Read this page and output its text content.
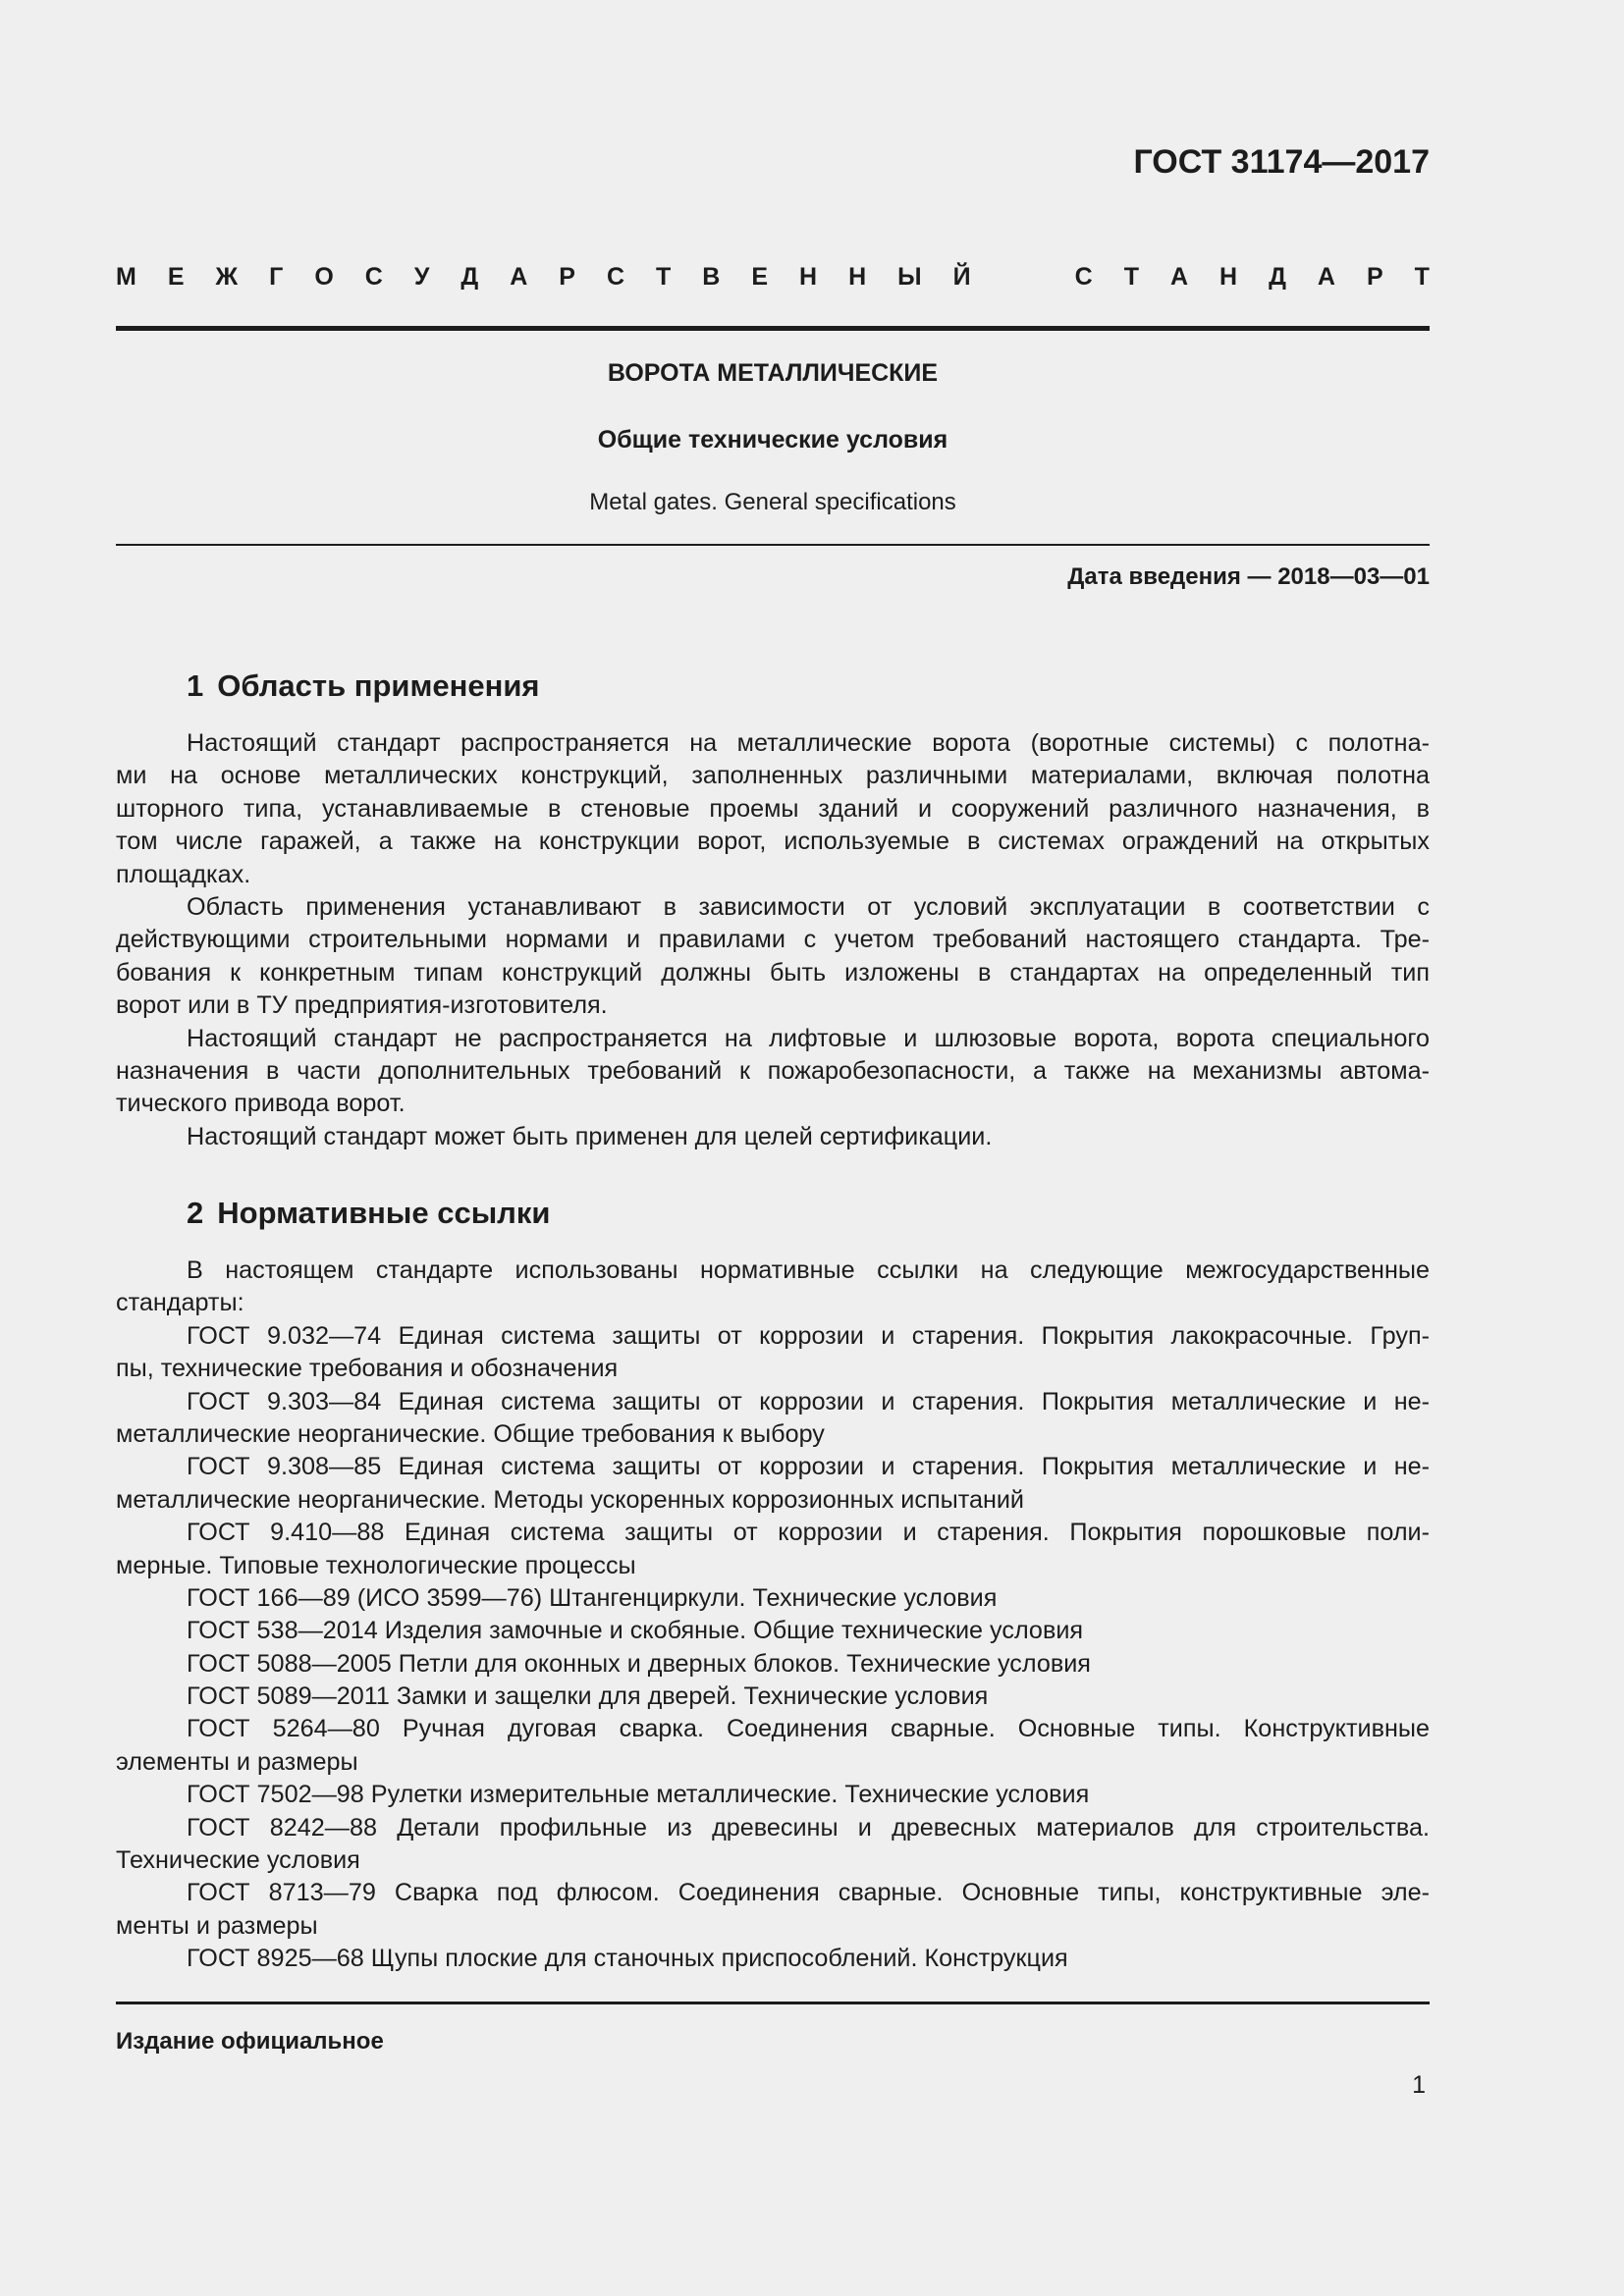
ГОСТ 31174—2017
М Е Ж Г О С У Д А Р С Т В Е Н Н Ы Й	С Т А Н Д А Р Т
ВОРОТА МЕТАЛЛИЧЕСКИЕ
Общие технические условия
Metal gates. General specifications
Дата введения — 2018—03—01
1 Область применения
Настоящий стандарт распространяется на металлические ворота (воротные системы) с полотна-
ми на основе металлических конструкций, заполненных различными материалами, включая полотна
шторного типа, устанавливаемые в стеновые проемы зданий и сооружений различного назначения, в
том числе гаражей, а также на конструкции ворот, используемые в системах ограждений на открытых
площадках.
Область применения устанавливают в зависимости от условий эксплуатации в соответствии с
действующими строительными нормами и правилами с учетом требований настоящего стандарта. Тре-
бования к конкретным типам конструкций должны быть изложены в стандартах на определенный тип
ворот или в ТУ предприятия-изготовителя.
Настоящий стандарт не распространяется на лифтовые и шлюзовые ворота, ворота специального
назначения в части дополнительных требований к пожаробезопасности, а также на механизмы автома-
тического привода ворот.
Настоящий стандарт может быть применен для целей сертификации.
2 Нормативные ссылки
В настоящем стандарте использованы нормативные ссылки на следующие межгосударственные
стандарты:
ГОСТ 9.032—74 Единая система защиты от коррозии и старения. Покрытия лакокрасочные. Груп-
пы, технические требования и обозначения
ГОСТ 9.303—84 Единая система защиты от коррозии и старения. Покрытия металлические и не-
металлические неорганические. Общие требования к выбору
ГОСТ 9.308—85 Единая система защиты от коррозии и старения. Покрытия металлические и не-
металлические неорганические. Методы ускоренных коррозионных испытаний
ГОСТ 9.410—88 Единая система защиты от коррозии и старения. Покрытия порошковые поли-
мерные. Типовые технологические процессы
ГОСТ 166—89 (ИСО 3599—76) Штангенциркули. Технические условия
ГОСТ 538—2014 Изделия замочные и скобяные. Общие технические условия
ГОСТ 5088—2005 Петли для оконных и дверных блоков. Технические условия
ГОСТ 5089—2011 Замки и защелки для дверей. Технические условия
ГОСТ 5264—80 Ручная дуговая сварка. Соединения сварные. Основные типы. Конструктивные
элементы и размеры
ГОСТ 7502—98 Рулетки измерительные металлические. Технические условия
ГОСТ 8242—88 Детали профильные из древесины и древесных материалов для строительства.
Технические условия
ГОСТ 8713—79 Сварка под флюсом. Соединения сварные. Основные типы, конструктивные эле-
менты и размеры
ГОСТ 8925—68 Щупы плоские для станочных приспособлений. Конструкция
Издание официальное
1
